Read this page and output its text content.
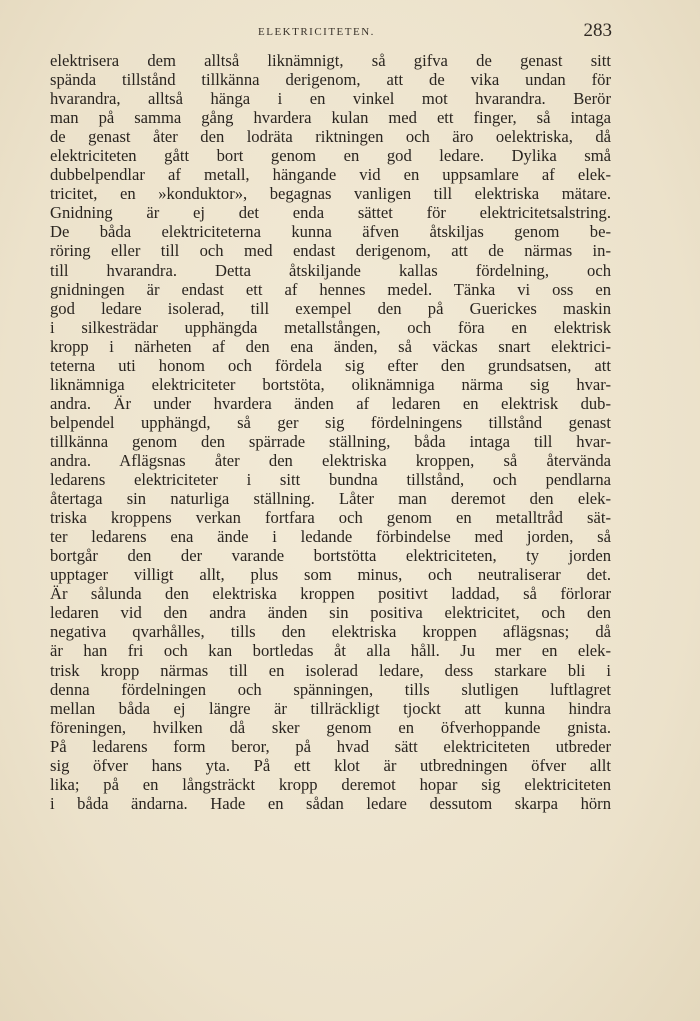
ELEKTRICITETEN.	283
elektrisera dem alltså liknämnigt, så gifva de genast sitt
spända tillstånd tillkänna derigenom, att de vika undan för
hvarandra, alltså hänga i en vinkel mot hvarandra. Berör
man på samma gång hvardera kulan med ett finger, så intaga
de genast åter den lodräta riktningen och äro oelektriska, då
elektriciteten gått bort genom en god ledare. Dylika små
dubbelpendlar af metall, hängande vid en uppsamlare af elek-
tricitet, en »konduktor», begagnas vanligen till elektriska mätare.
Gnidning är ej det enda sättet för elektricitetsalstring.
De båda elektriciteterna kunna äfven åtskiljas genom be-
röring eller till och med endast derigenom, att de närmas in-
till hvarandra. Detta åtskiljande kallas fördelning, och
gnidningen är endast ett af hennes medel. Tänka vi oss en
god ledare isolerad, till exempel den på Guerickes maskin
i silkesträdar upphängda metallstången, och föra en elektrisk
kropp i närheten af den ena änden, så väckas snart elektrici-
teterna uti honom och fördela sig efter den grundsatsen, att
liknämniga elektriciteter bortstöta, oliknämniga närma sig hvar-
andra. Är under hvardera änden af ledaren en elektrisk dub-
belpendel upphängd, så ger sig fördelningens tillstånd genast
tillkänna genom den spärrade ställning, båda intaga till hvar-
andra. Aflägsnas åter den elektriska kroppen, så återvända
ledarens elektriciteter i sitt bundna tillstånd, och pendlarna
återtaga sin naturliga ställning. Låter man deremot den elek-
triska kroppens verkan fortfara och genom en metalltråd sät-
ter ledarens ena ände i ledande förbindelse med jorden, så
bortgår den der varande bortstötta elektriciteten, ty jorden
upptager villigt allt, plus som minus, och neutraliserar det.
Är sålunda den elektriska kroppen positivt laddad, så förlorar
ledaren vid den andra änden sin positiva elektricitet, och den
negativa qvarhålles, tills den elektriska kroppen aflägsnas; då
är han fri och kan bortledas åt alla håll. Ju mer en elek-
trisk kropp närmas till en isolerad ledare, dess starkare bli i
denna fördelningen och spänningen, tills slutligen luftlagret
mellan båda ej längre är tillräckligt tjockt att kunna hindra
föreningen, hvilken då sker genom en öfverhoppande gnista.
På ledarens form beror, på hvad sätt elektriciteten utbreder
sig öfver hans yta. På ett klot är utbredningen öfver allt
lika; på en långsträckt kropp deremot hopar sig elektriciteten
i båda ändarna. Hade en sådan ledare dessutom skarpa hörn
